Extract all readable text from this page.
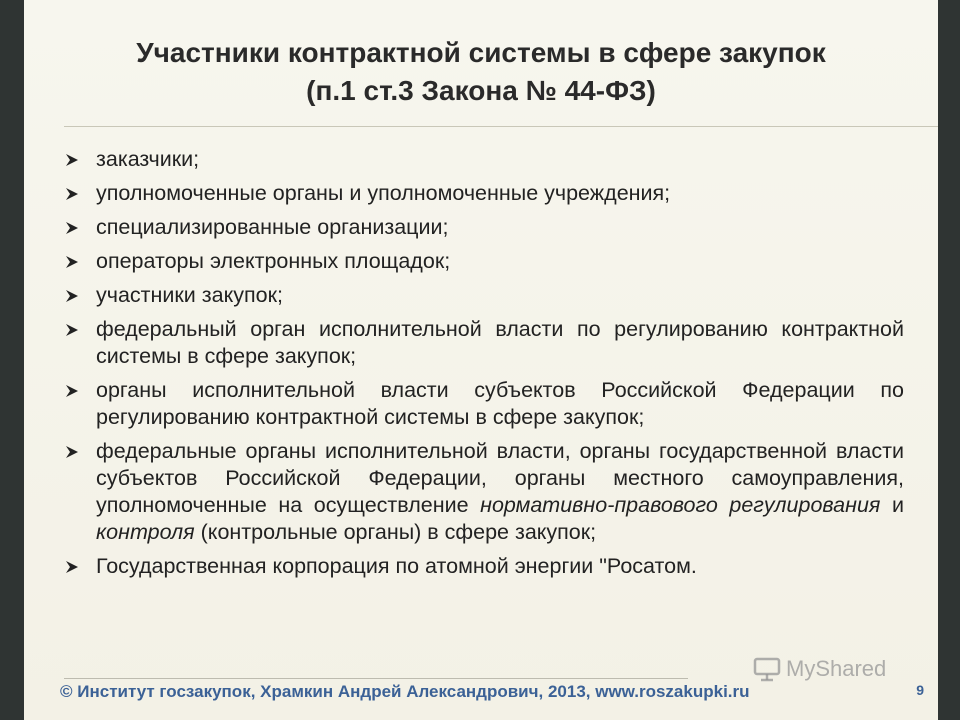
Участники контрактной системы в сфере закупок
(п.1 ст.3 Закона № 44-ФЗ)
заказчики;
уполномоченные органы и уполномоченные учреждения;
специализированные организации;
операторы электронных площадок;
участники закупок;
федеральный орган исполнительной власти по регулированию контрактной системы в сфере закупок;
органы исполнительной власти субъектов Российской Федерации по регулированию контрактной системы в сфере закупок;
федеральные органы исполнительной власти, органы государственной власти субъектов Российской Федерации, органы местного самоуправления, уполномоченные на осуществление нормативно-правового регулирования и контроля (контрольные органы) в сфере закупок;
Государственная корпорация по атомной энергии "Росатом.
© Институт госзакупок, Храмкин Андрей Александрович, 2013, www.roszakupki.ru	9
MyShared
